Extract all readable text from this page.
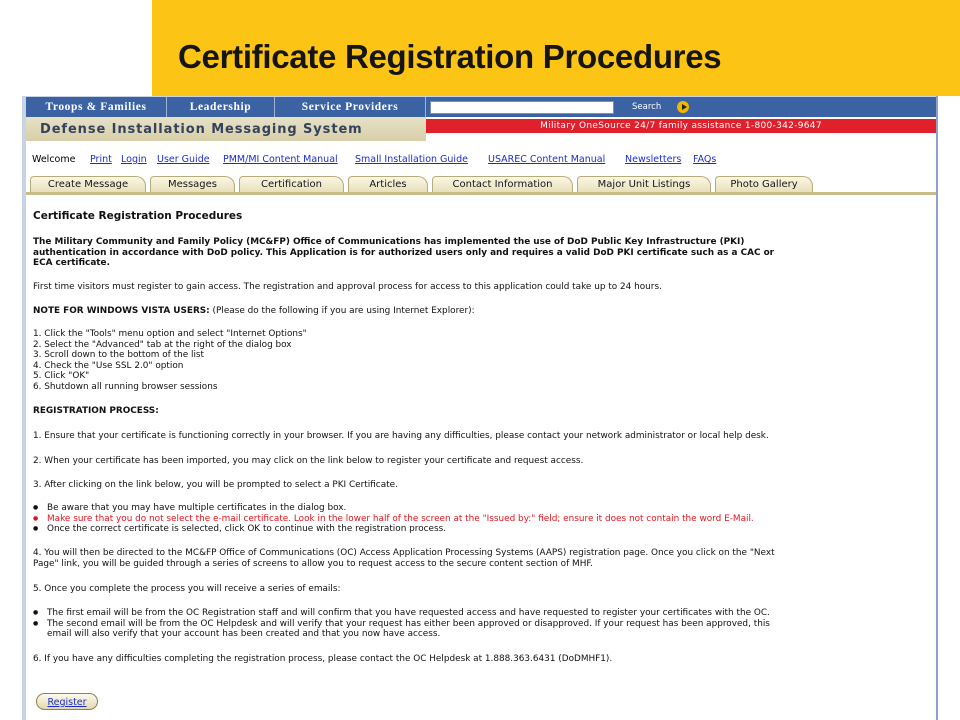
Certificate Registration Procedures
Troops & Families	Leadership	Service Providers	Search
Defense Installation Messaging System	Military OneSource 24/7 family assistance 1-800-342-9647
Welcome Print Login User Guide PMM/MI Content Manual Small Installation Guide USAREC Content Manual Newsletters FAQs
Create Message	Messages	Certification	Articles	Contact Information	Major Unit Listings	Photo Gallery
Certificate Registration Procedures

The Military Community and Family Policy (MC&FP) Office of Communications has implemented the use of DoD Public Key Infrastructure (PKI)

authentication in accordance with DoD policy. This Application is for authorized users only and requires a valid DoD PKI certificate such as a CAC or

ECA certificate.

First time visitors must register to gain access. The registration and approval process for access to this application could take up to 24 hours.

NOTE FOR WINDOWS VISTA USERS: (Please do the following if you are using Internet Explorer):

1. Click the "Tools" menu option and select "Internet Options"

2. Select the "Advanced" tab at the right of the dialog box

3. Scroll down to the bottom of the list

4. Check the "Use SSL 2.0" option

5. Click "OK"

6. Shutdown all running browser sessions

REGISTRATION PROCESS:

1. Ensure that your certificate is functioning correctly in your browser. If you are having any difficulties, please contact your network administrator or local help desk.

2. When your certificate has been imported, you may click on the link below to register your certificate and request access.

3. After clicking on the link below, you will be prompted to select a PKI Certificate.

● Be aware that you may have multiple certificates in the dialog box.

● Make sure that you do not select the e-mail certificate. Look in the lower half of the screen at the "Issued by:" field; ensure it does not contain the word E-Mail.

● Once the correct certificate is selected, click OK to continue with the registration process.

4. You will then be directed to the MC&FP Office of Communications (OC) Access Application Processing Systems (AAPS) registration page. Once you click on the "Next

Page" link, you will be guided through a series of screens to allow you to request access to the secure content section of MHF.

5. Once you complete the process you will receive a series of emails:

● The first email will be from the OC Registration staff and will confirm that you have requested access and have requested to register your certificates with the OC.

● The second email will be from the OC Helpdesk and will verify that your request has either been approved or disapproved. If your request has been approved, this

email will also verify that your account has been created and that you now have access.

6. If you have any difficulties completing the registration process, please contact the OC Helpdesk at 1.888.363.6431 (DoDMHF1).

Register
